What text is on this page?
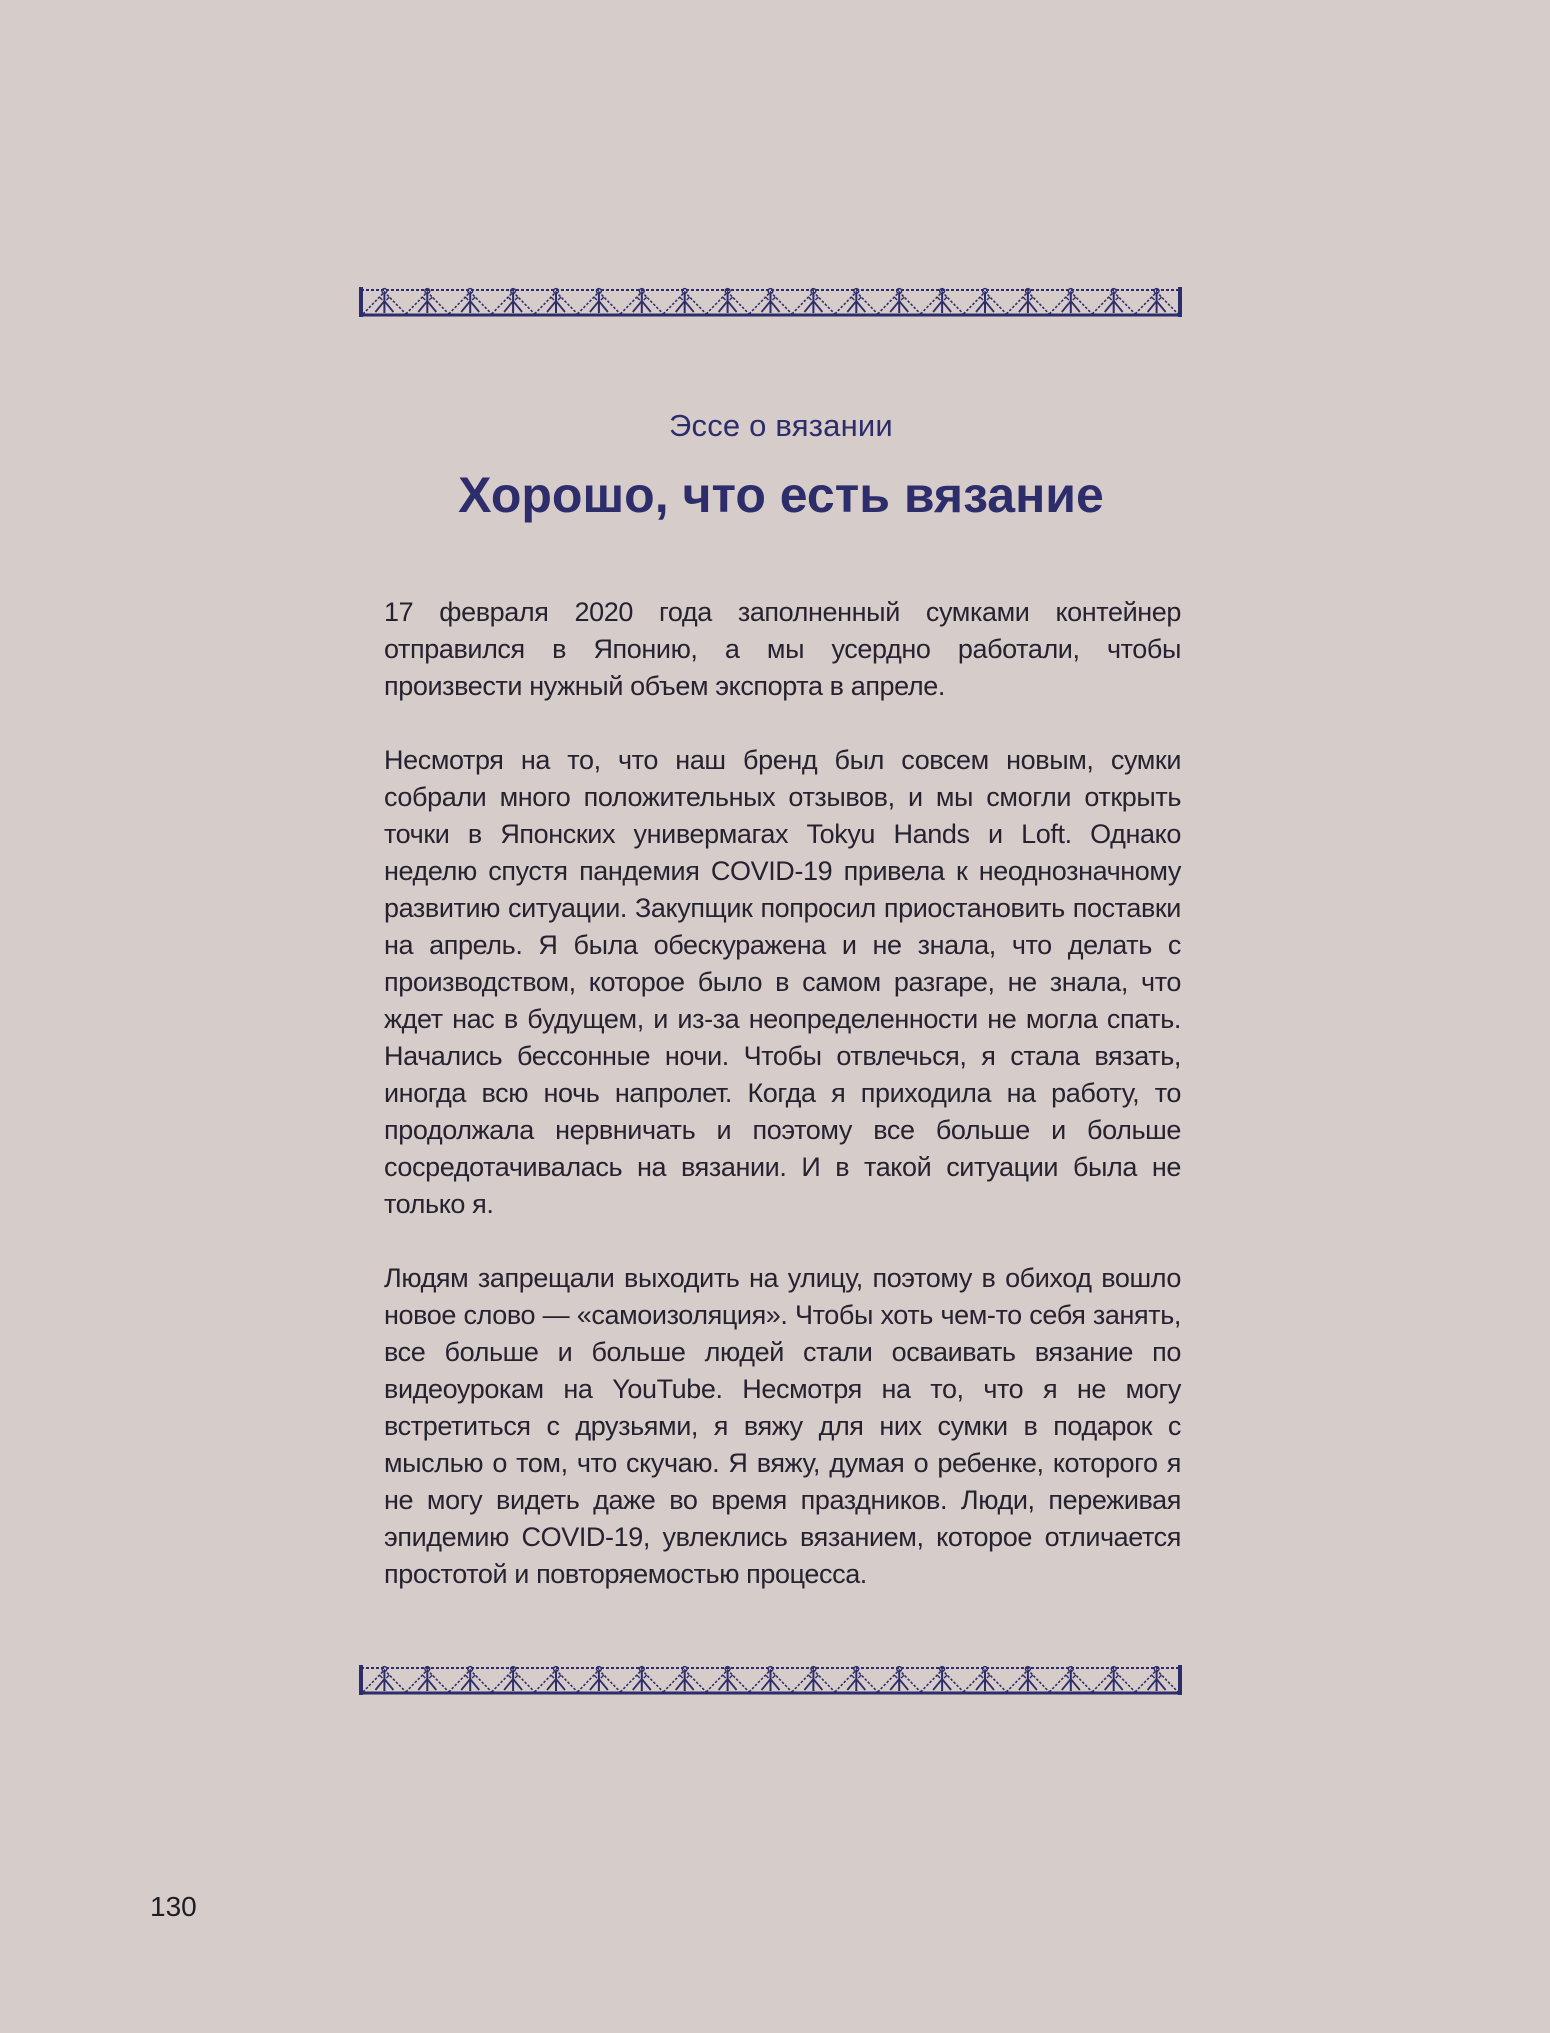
Эссе о вязании
Хорошо, что есть вязание

17 февраля 2020 года заполненный сумками контейнер отправился в Японию, а мы усердно работали, чтобы произвести нужный объем экспорта в апреле.

Несмотря на то, что наш бренд был совсем новым, сумки собрали много положительных отзывов, и мы смогли открыть точки в Японских универмагах Tokyu Hands и Loft. Однако неделю спустя пандемия COVID-19 привела к неоднозначному развитию ситуации. Закупщик попросил приостановить поставки на апрель. Я была обескуражена и не знала, что делать с производством, которое было в самом разгаре, не знала, что ждет нас в будущем, и из-за неопределенности не могла спать. Начались бессонные ночи. Чтобы отвлечься, я стала вязать, иногда всю ночь напролет. Когда я приходила на работу, то продолжала нервничать и поэтому все больше и больше сосредотачивалась на вязании. И в такой ситуации была не только я.

Людям запрещали выходить на улицу, поэтому в обиход вошло новое слово — «самоизоляция». Чтобы хоть чем-то себя занять, все больше и больше людей стали осваивать вязание по видеоурокам на YouTube. Несмотря на то, что я не могу встретиться с друзьями, я вяжу для них сумки в подарок с мыслью о том, что скучаю. Я вяжу, думая о ребенке, которого я не могу видеть даже во время праздников. Люди, переживая эпидемию COVID-19, увлеклись вязанием, которое отличается простотой и повторяемостью процесса.

130
